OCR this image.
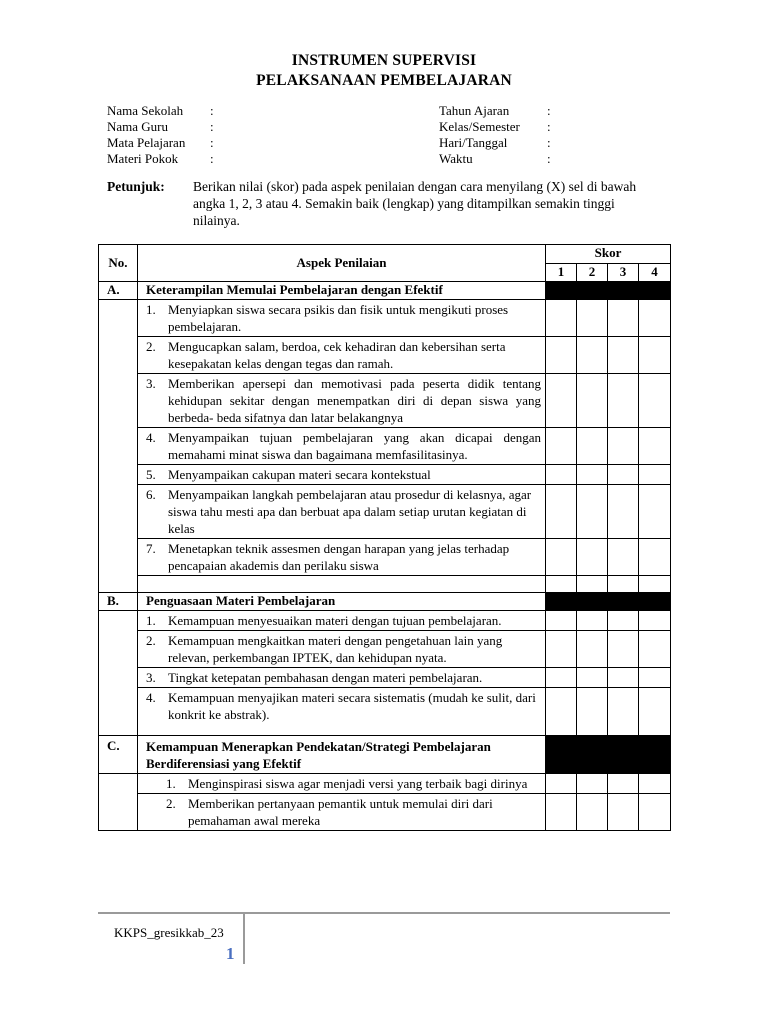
INSTRUMEN SUPERVISI
PELAKSANAAN PEMBELAJARAN
Nama Sekolah	:
Nama Guru	:
Mata Pelajaran	:
Materi Pokok	:
Tahun Ajaran	:
Kelas/Semester	:
Hari/Tanggal	:
Waktu	:
Petunjuk:	Berikan nilai (skor) pada aspek penilaian dengan cara menyilang (X) sel di bawah angka 1, 2, 3 atau 4. Semakin baik (lengkap) yang ditampilkan semakin tinggi nilainya.
No.	Aspek Penilaian	Skor			
		1	2	3	4
A.	Keterampilan Memulai Pembelajaran dengan Efektif				

	1. Menyiapkan siswa secara psikis dan fisik untuk mengikuti proses pembelajaran.				

	2. Mengucapkan salam, berdoa, cek kehadiran dan kebersihan serta kesepakatan kelas dengan tegas dan ramah.				

	3. Memberikan apersepi dan memotivasi pada peserta didik tentang kehidupan sekitar dengan menempatkan diri di depan siswa yang berbeda- beda sifatnya dan latar belakangnya				

	4. Menyampaikan tujuan pembelajaran yang akan dicapai dengan memahami minat siswa dan bagaimana memfasilitasinya.				

	5. Menyampaikan cakupan materi secara kontekstual				

	6. Menyampaikan langkah pembelajaran atau prosedur di kelasnya, agar siswa tahu mesti apa dan berbuat apa dalam setiap urutan kegiatan di kelas				

	7. Menetapkan teknik assesmen dengan harapan yang jelas terhadap pencapaian akademis dan perilaku siswa				

B.	Penguasaan Materi Pembelajaran				

	1. Kemampuan menyesuaikan materi dengan tujuan pembelajaran.				

	2. Kemampuan mengkaitkan materi dengan pengetahuan lain yang relevan, perkembangan IPTEK, dan kehidupan nyata.				

	3. Tingkat ketepatan pembahasan dengan materi pembelajaran.				

	4. Kemampuan menyajikan materi secara sistematis (mudah ke sulit, dari konkrit ke abstrak).				

C.	Kemampuan Menerapkan Pendekatan/Strategi Pembelajaran Berdiferensiasi yang Efektif				

	1. Menginspirasi siswa agar menjadi versi yang terbaik bagi dirinya				

	2. Memberikan pertanyaan pemantik untuk memulai diri dari pemahaman awal mereka				

KKPS_gresikkab_23
1
